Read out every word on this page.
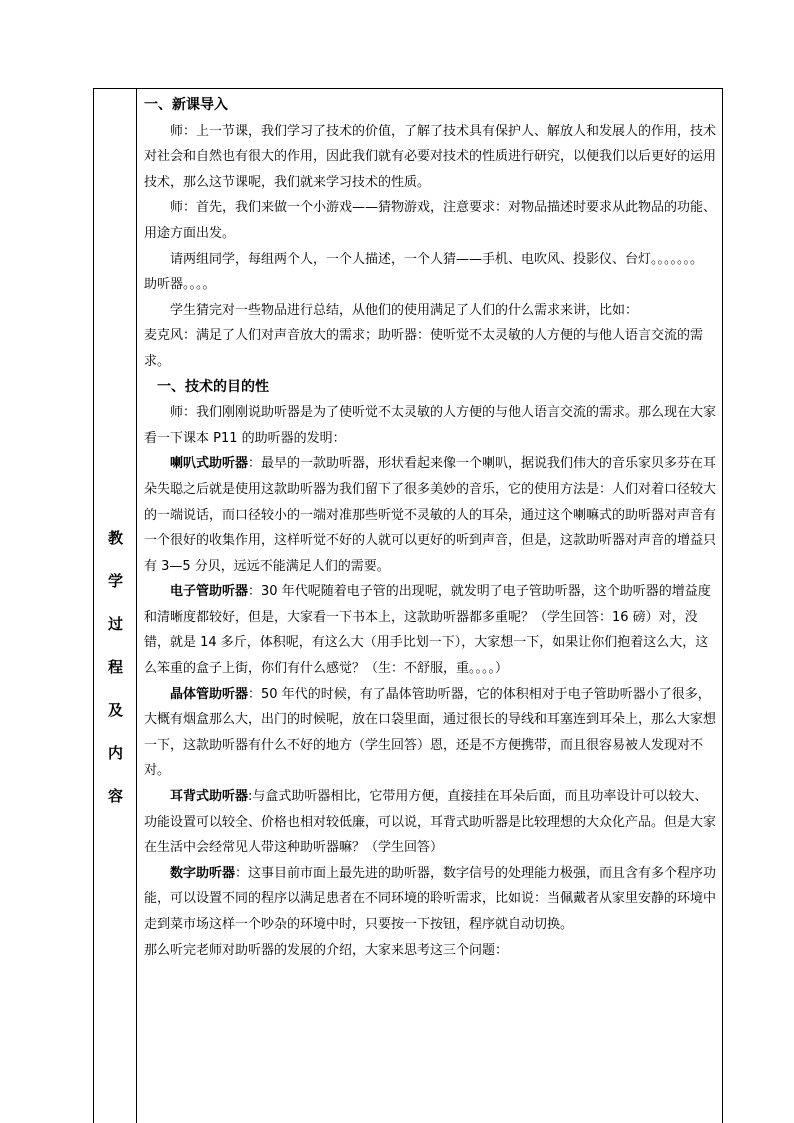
教
学
过
程
及
内
容

一、新课导入

师：上一节课，我们学习了技术的价值，了解了技术具有保护人、解放人和发展人的作用，技术对社会和自然也有很大的作用，因此我们就有必要对技术的性质进行研究，以便我们以后更好的运用技术，那么这节课呢，我们就来学习技术的性质。

师：首先，我们来做一个小游戏——猜物游戏，注意要求：对物品描述时要求从此物品的功能、用途方面出发。

请两组同学，每组两个人，一个人描述，一个人猜——手机、电吹风、投影仪、台灯。。。。。。。

助听器。。。。

学生猜完对一些物品进行总结，从他们的使用满足了人们的什么需求来讲，比如：

麦克风：满足了人们对声音放大的需求；助听器：使听觉不太灵敏的人方便的与他人语言交流的需求。

一、技术的目的性

师：我们刚刚说助听器是为了使听觉不太灵敏的人方便的与他人语言交流的需求。那么现在大家看一下课本 P11 的助听器的发明：

喇叭式助听器：最早的一款助听器，形状看起来像一个喇叭，据说我们伟大的音乐家贝多芬在耳朵失聪之后就是使用这款助听器为我们留下了很多美妙的音乐，它的使用方法是：人们对着口径较大的一端说话，而口径较小的一端对准那些听觉不灵敏的人的耳朵，通过这个喇嘛式的助听器对声音有一个很好的收集作用，这样听觉不好的人就可以更好的听到声音，但是，这款助听器对声音的增益只有 3—5 分贝，远远不能满足人们的需要。

电子管助听器：30 年代呢随着电子管的出现呢，就发明了电子管助听器，这个助听器的增益度和清晰度都较好，但是，大家看一下书本上，这款助听器都多重呢？（学生回答：16 磅）对，没错，就是 14 多斤，体积呢，有这么大（用手比划一下），大家想一下，如果让你们抱着这么大，这么笨重的盒子上街，你们有什么感觉？（生：不舒服，重。。。。）

晶体管助听器：50 年代的时候，有了晶体管助听器，它的体积相对于电子管助听器小了很多，大概有烟盒那么大，出门的时候呢，放在口袋里面，通过很长的导线和耳塞连到耳朵上，那么大家想一下，这款助听器有什么不好的地方（学生回答）恩，还是不方便携带，而且很容易被人发现对不对。

耳背式助听器:与盒式助听器相比，它带用方便，直接挂在耳朵后面，而且功率设计可以较大、功能设置可以较全、价格也相对较低廉，可以说，耳背式助听器是比较理想的大众化产品。但是大家在生活中会经常见人带这种助听器嘛？（学生回答）

数字助听器：这事目前市面上最先进的助听器，数字信号的处理能力极强，而且含有多个程序功能，可以设置不同的程序以满足患者在不同环境的聆听需求，比如说：当佩戴者从家里安静的环境中走到菜市场这样一个吵杂的环境中时，只要按一下按钮，程序就自动切换。

那么听完老师对助听器的发展的介绍，大家来思考这三个问题：
